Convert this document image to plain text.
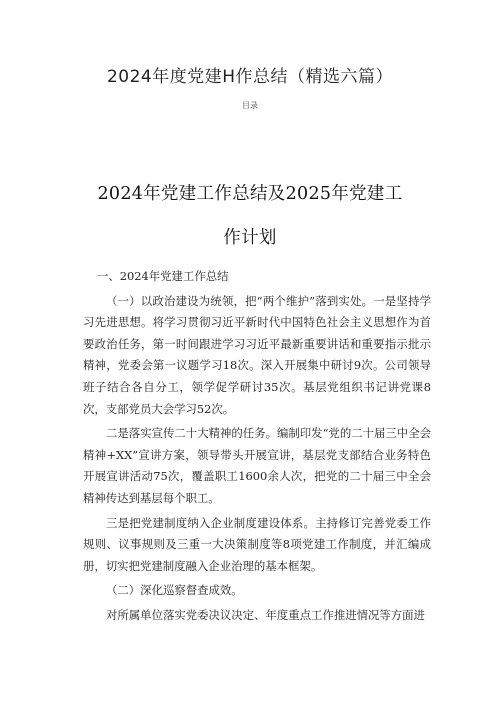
2024年度党建H作总结（精选六篇）
目录
2024年党建工作总结及2025年党建工作计划

一、2024年党建工作总结

（一）以政治建设为统领，把“两个维护”落到实处。一是坚持学习先进思想。将学习贯彻习近平新时代中国特色社会主义思想作为首要政治任务，第一时间跟进学习习近平最新重要讲话和重要指示批示精神，党委会第一议题学习18次。深入开展集中研讨9次。公司领导班子结合各自分工，领学促学研讨35次。基层党组织书记讲党课8次，支部党员大会学习52次。

二是落实宣传二十大精神的任务。编制印发“党的二十届三中全会精神+XX”宣讲方案，领导带头开展宣讲，基层党支部结合业务特色开展宣讲活动75次，覆盖职工1600余人次，把党的二十届三中全会精神传达到基层每个职工。

三是把党建制度纳入企业制度建设体系。主持修订完善党委工作规则、议事规则及三重一大决策制度等8项党建工作制度，并汇编成册，切实把党建制度融入企业治理的基本框架。

（二）深化巡察督查成效。

对所属单位落实党委决议决定、年度重点工作推进情况等方面进
